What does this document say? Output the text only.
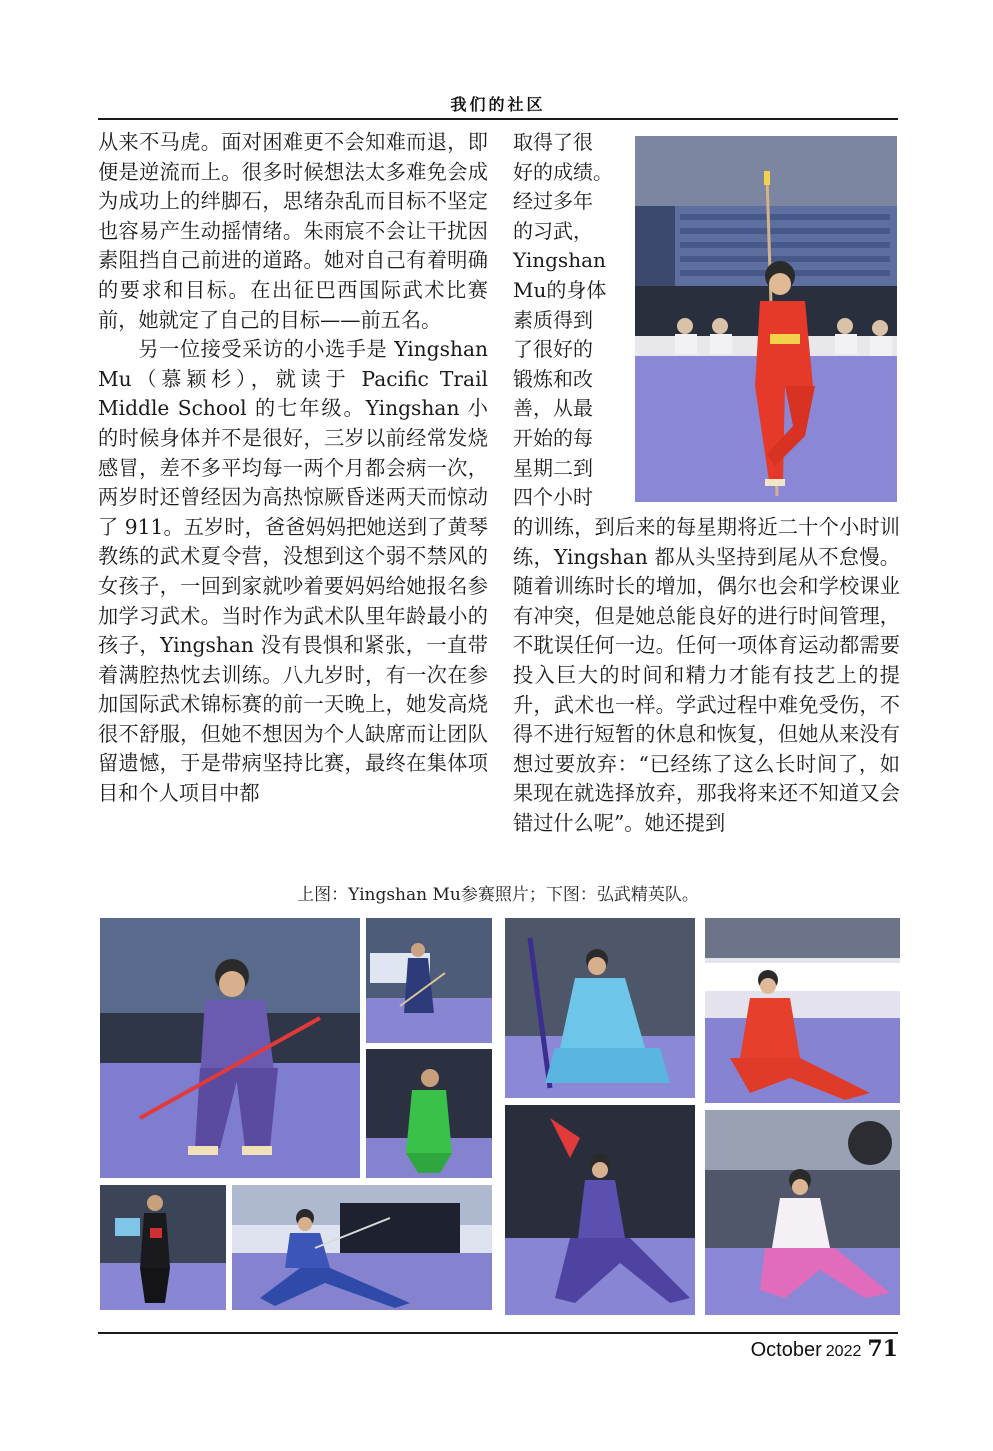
我们的社区

从来不马虎。面对困难更不会知难而退，即便是逆流而上。很多时候想法太多难免会成为成功上的绊脚石，思绪杂乱而目标不坚定也容易产生动摇情绪。朱雨宸不会让干扰因素阻挡自己前进的道路。她对自己有着明确的要求和目标。在出征巴西国际武术比赛前，她就定了自己的目标——前五名。

另一位接受采访的小选手是 Yingshan Mu（慕颖杉），就读于 Pacific Trail Middle School 的七年级。Yingshan 小的时候身体并不是很好，三岁以前经常发烧感冒，差不多平均每一两个月都会病一次，两岁时还曾经因为高热惊厥昏迷两天而惊动了 911。五岁时，爸爸妈妈把她送到了黄琴教练的武术夏令营，没想到这个弱不禁风的女孩子，一回到家就吵着要妈妈给她报名参加学习武术。当时作为武术队里年龄最小的孩子，Yingshan 没有畏惧和紧张，一直带着满腔热忱去训练。八九岁时，有一次在参加国际武术锦标赛的前一天晚上，她发高烧很不舒服，但她不想因为个人缺席而让团队留遗憾，于是带病坚持比赛，最终在集体项目和个人项目中都

取得了很

好的成绩。

经过多年

的习武，

Yingshan

Mu的身体

素质得到

了很好的

锻炼和改

善，从最

开始的每

星期二到

四个小时

的训练，到后来的每星期将近二十个小时训练，Yingshan 都从头坚持到尾从不怠慢。随着训练时长的增加，偶尔也会和学校课业有冲突，但是她总能良好的进行时间管理，不耽误任何一边。任何一项体育运动都需要投入巨大的时间和精力才能有技艺上的提升，武术也一样。学武过程中难免受伤，不得不进行短暂的休息和恢复，但她从来没有想过要放弃：“已经练了这么长时间了，如果现在就选择放弃，那我将来还不知道又会错过什么呢”。她还提到

上图：Yingshan Mu参赛照片；下图：弘武精英队。
October 2022 71
